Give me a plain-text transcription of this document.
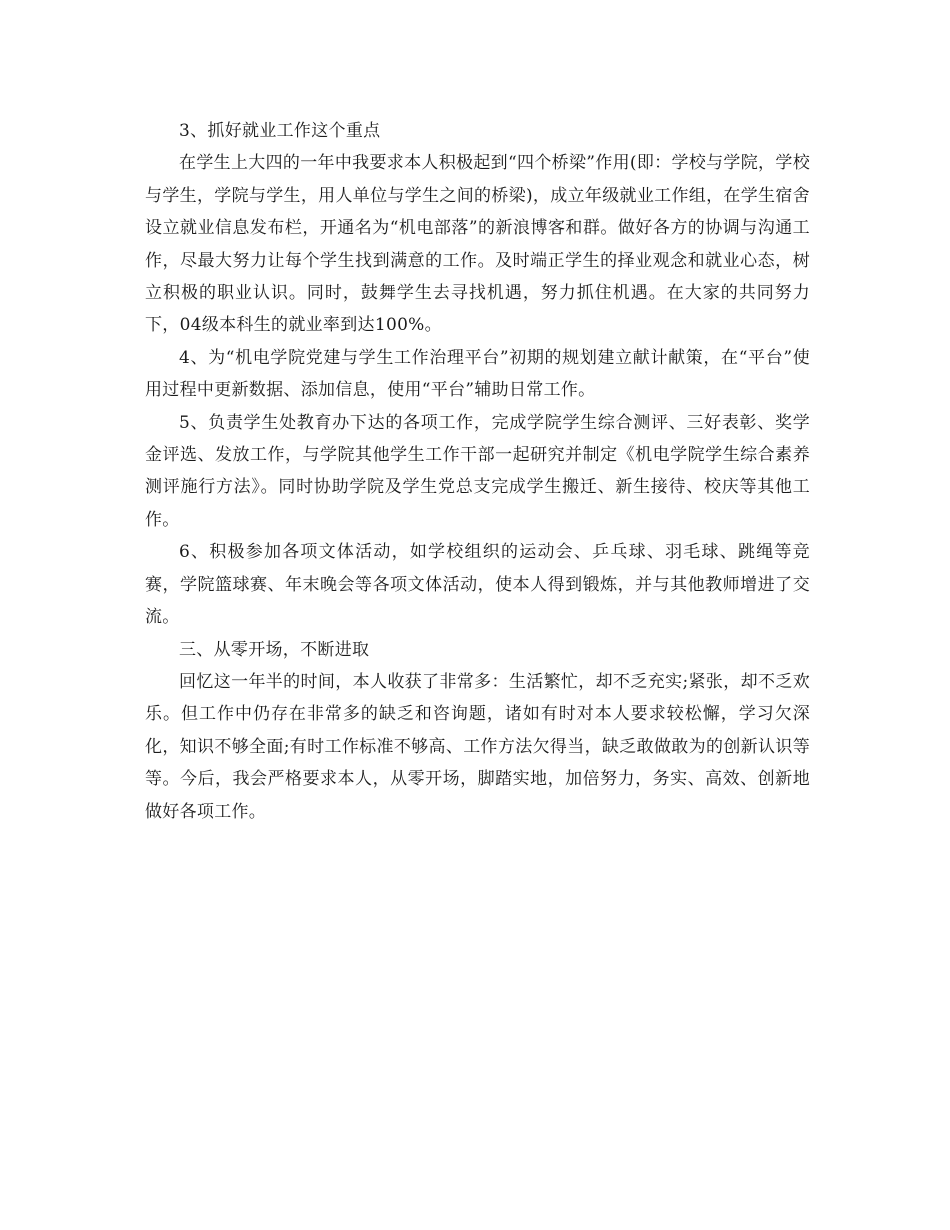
3、抓好就业工作这个重点

在学生上大四的一年中我要求本人积极起到“四个桥梁”作用(即：学校与学院，学校与学生，学院与学生，用人单位与学生之间的桥梁)，成立年级就业工作组，在学生宿舍设立就业信息发布栏，开通名为“机电部落”的新浪博客和群。做好各方的协调与沟通工作，尽最大努力让每个学生找到满意的工作。及时端正学生的择业观念和就业心态，树立积极的职业认识。同时，鼓舞学生去寻找机遇，努力抓住机遇。在大家的共同努力下，04级本科生的就业率到达100%。

4、为“机电学院党建与学生工作治理平台”初期的规划建立献计献策，在“平台”使用过程中更新数据、添加信息，使用“平台”辅助日常工作。

5、负责学生处教育办下达的各项工作，完成学院学生综合测评、三好表彰、奖学金评选、发放工作，与学院其他学生工作干部一起研究并制定《机电学院学生综合素养测评施行方法》。同时协助学院及学生党总支完成学生搬迁、新生接待、校庆等其他工作。

6、积极参加各项文体活动，如学校组织的运动会、乒乓球、羽毛球、跳绳等竞赛，学院篮球赛、年末晚会等各项文体活动，使本人得到锻炼，并与其他教师增进了交流。

三、从零开场，不断进取

回忆这一年半的时间，本人收获了非常多：生活繁忙，却不乏充实;紧张，却不乏欢乐。但工作中仍存在非常多的缺乏和咨询题，诸如有时对本人要求较松懈，学习欠深化，知识不够全面;有时工作标准不够高、工作方法欠得当，缺乏敢做敢为的创新认识等等。今后，我会严格要求本人，从零开场，脚踏实地，加倍努力，务实、高效、创新地做好各项工作。
